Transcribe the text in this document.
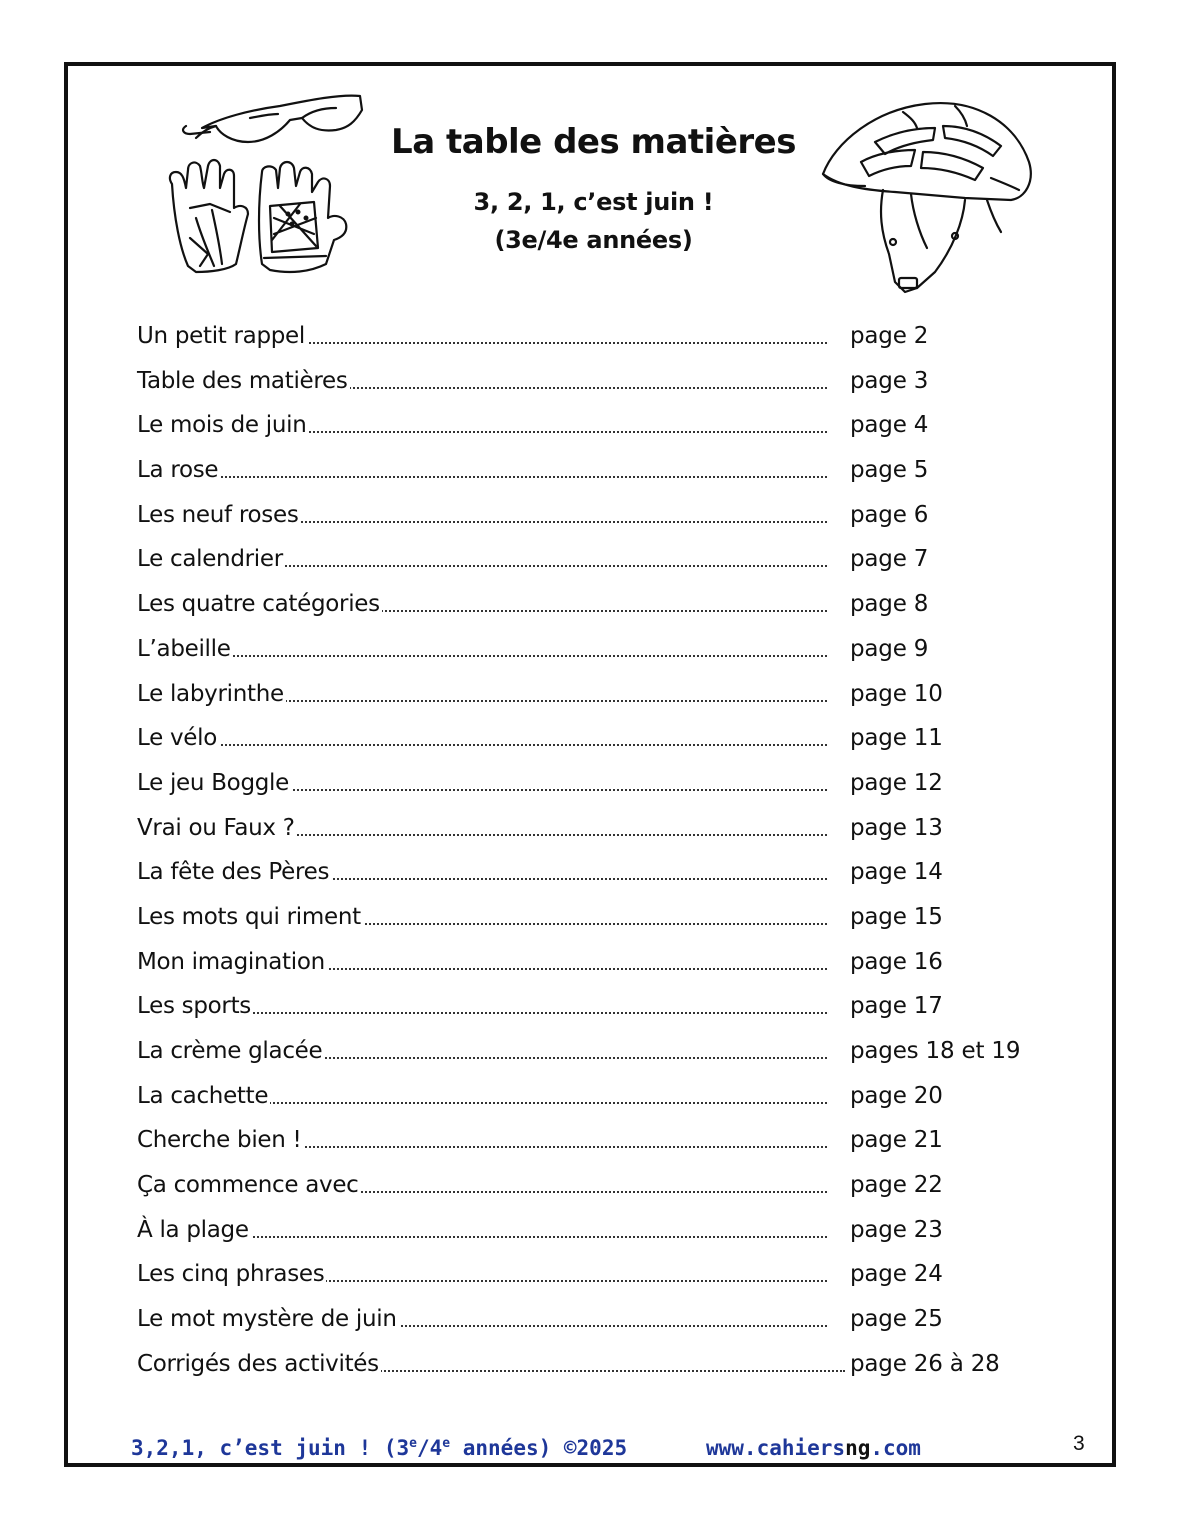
La table des matières
3, 2, 1, c’est juin !
(3e/4e années)
Un petit rappel	page 2
Table des matières	page 3
Le mois de juin	page 4
La rose	page 5
Les neuf roses	page 6
Le calendrier	page 7
Les quatre catégories	page 8
L’abeille	page 9
Le labyrinthe	page 10
Le vélo	page 11
Le jeu Boggle	page 12
Vrai ou Faux ?	page 13
La fête des Pères	page 14
Les mots qui riment	page 15
Mon imagination	page 16
Les sports	page 17
La crème glacée	pages 18 et 19
La cachette	page 20
Cherche bien !	page 21
Ça commence avec	page 22
À la plage	page 23
Les cinq phrases	page 24
Le mot mystère de juin	page 25
Corrigés des activités	page 26 à 28
3,2,1, c’est juin ! (3e/4e années) ©2025	www.cahiersng.com	3
